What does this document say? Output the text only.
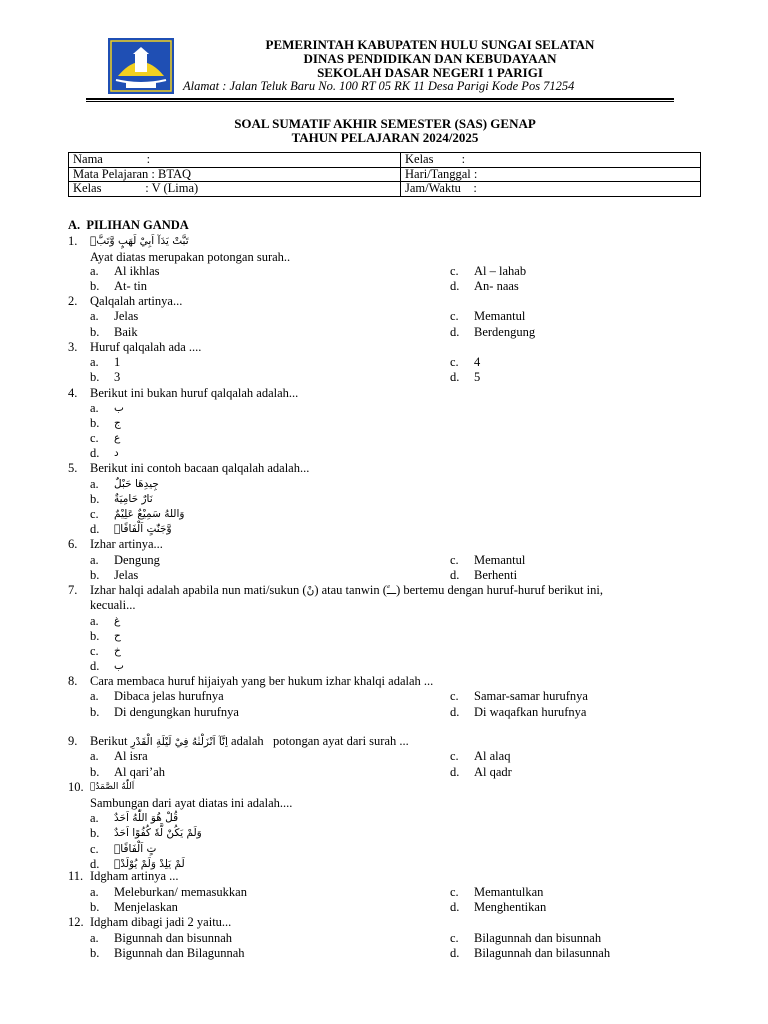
PEMERINTAH KABUPATEN HULU SUNGAI SELATAN
DINAS PENDIDIKAN DAN KEBUDAYAAN
SEKOLAH DASAR NEGERI 1 PARIGI
Alamat : Jalan Teluk Baru No. 100 RT 05 RK 11 Desa Parigi Kode Pos 71254
SOAL SUMATIF AKHIR SEMESTER (SAS) GENAP
TAHUN PELAJARAN 2024/2025
Nama              :	Kelas         :
Mata Pelajaran : BTAQ	Hari/Tanggal :
Kelas              : V (Lima)	Jam/Waktu    :
A.  PILIHAN GANDA
1. تَبَّتْ يَدَآ اَبِيْ لَهَبٍ وَّتَبَّۗ
Ayat diatas merupakan potongan surah..
a. Al ikhlas
b. At- tin
c. Al – lahab
d. An- naas
2. Qalqalah artinya...
a. Jelas
b. Baik
c. Memantul
d. Berdengung
3. Huruf qalqalah ada ....
a. 1
b. 3
c. 4
d. 5
4. Berikut ini bukan huruf qalqalah adalah...
a. ب
b. ج
c. ع
d. د
5. Berikut ini contoh bacaan qalqalah adalah...
a. جِيدِهَا حَبْلٌ
b. نَارٌ حَامِيَةٌ
c. وَاللهُ سَمِيْعٌ عَلِيْمٌ
d. وَّجَنّٰتٍ اَلْفَافًاۗ
6. Izhar artinya...
a. Dengung
b. Jelas
c. Memantul
d. Berhenti
7. Izhar halqi adalah apabila nun mati/sukun (نْ) atau tanwin (ـــً) bertemu dengan huruf-huruf berikut ini,
kecuali...
a. غ
b. ح
c. خ
d. ب
8. Cara membaca huruf hijaiyah yang ber hukum izhar khalqi adalah ...
a. Dibaca jelas hurufnya
b. Di dengungkan hurufnya
c. Samar-samar hurufnya
d. Di waqafkan hurufnya
9. Berikut اِنَّآ اَنْزَلْنٰهُ فِيْ لَيْلَةِ الْقَدْرِ adalah   potongan ayat dari surah ...
a. Al isra
b. Al qari’ah
c. Al alaq
d. Al qadr
10. اَللّٰهُ الصَّمَدُۚ
Sambungan dari ayat diatas ini adalah....
a. قُلْ هُوَ اللّٰهُ اَحَدٌ
b. وَلَمْ يَكُنْ لَّهٗ كُفُوًا اَحَدٌ
c. تٍ اَلْفَافًاۗ
d. لَمْ يَلِدْ وَلَمْ يُوْلَدْۙ
11. Idgham artinya ...
a. Meleburkan/ memasukkan
b. Menjelaskan
c. Memantulkan
d. Menghentikan
12. Idgham dibagi jadi 2 yaitu...
a. Bigunnah dan bisunnah
b. Bigunnah dan Bilagunnah
c. Bilagunnah dan bisunnah
d. Bilagunnah dan bilasunnah
